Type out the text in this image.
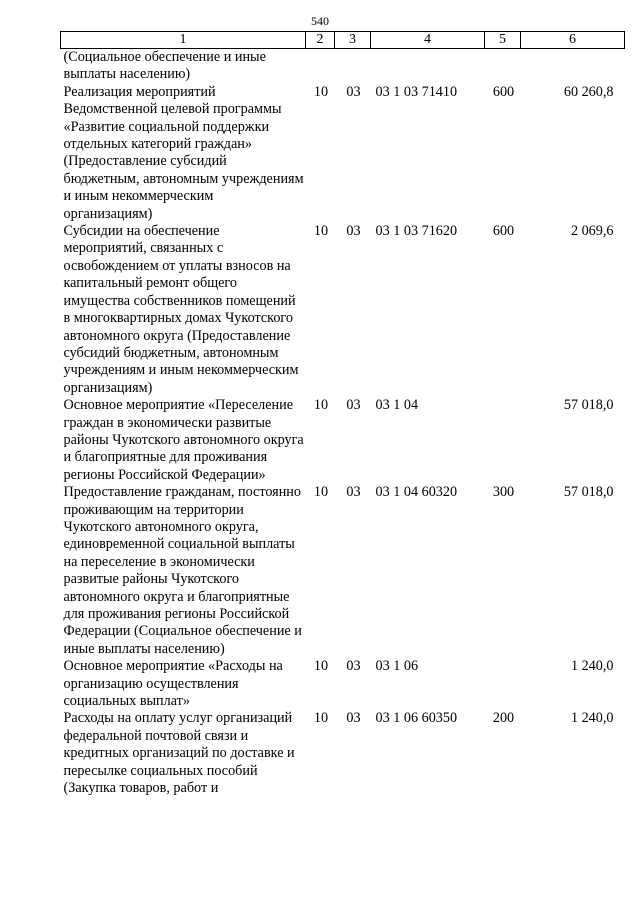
540
1	2	3	4	5	6
(Социальное обеспечение и иные выплаты населению)					
Реализация мероприятий Ведомственной целевой программы «Развитие социальной поддержки отдельных категорий граждан» (Предоставление субсидий бюджетным, автономным учреждениям и иным некоммерческим организациям)	10	03	03 1 03 71410	600	60 260,8
Субсидии на обеспечение мероприятий, связанных с освобождением от уплаты взносов на капитальный ремонт общего имущества собственников помещений в многоквартирных домах Чукотского автономного округа (Предоставление субсидий бюджетным, автономным учреждениям и иным некоммерческим организациям)	10	03	03 1 03 71620	600	2 069,6
Основное мероприятие «Переселение граждан в экономически развитые районы Чукотского автономного округа и благоприятные для проживания регионы Российской Федерации»	10	03	03 1 04		57 018,0
Предоставление гражданам, постоянно проживающим на территории Чукотского автономного округа, единовременной социальной выплаты на переселение в экономически развитые районы Чукотского автономного округа и благоприятные для проживания регионы Российской Федерации (Социальное обеспечение и иные выплаты населению)	10	03	03 1 04 60320	300	57 018,0
Основное мероприятие «Расходы на организацию осуществления социальных выплат»	10	03	03 1 06		1 240,0
Расходы на оплату услуг организаций федеральной почтовой связи и кредитных организаций по доставке и пересылке социальных пособий (Закупка товаров, работ и	10	03	03 1 06 60350	200	1 240,0
